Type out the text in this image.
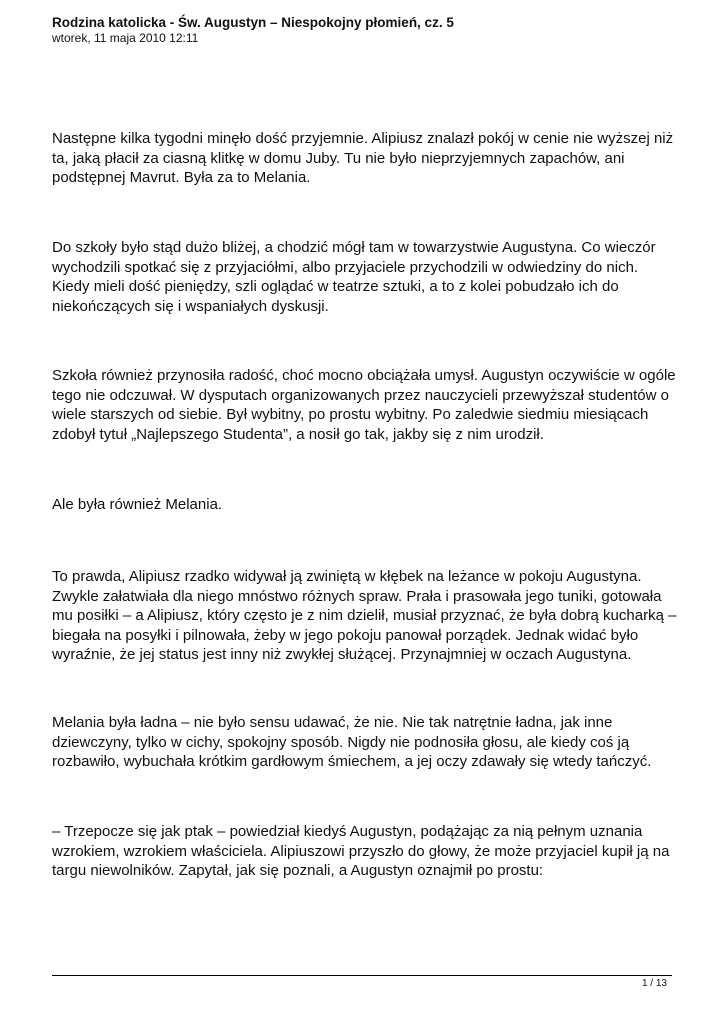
Rodzina katolicka - Św. Augustyn – Niespokojny płomień, cz. 5

wtorek, 11 maja 2010 12:11

Następne kilka tygodni minęło dość przyjemnie. Alipiusz znalazł pokój w cenie nie wyższej niż ta, jaką płacił za ciasną klitkę w domu Juby. Tu nie było nieprzyjemnych zapachów, ani podstępnej Mavrut. Była za to Melania.

Do szkoły było stąd dużo bliżej, a chodzić mógł tam w towarzystwie Augustyna. Co wieczór wychodzili spotkać się z przyjaciółmi, albo przyjaciele przychodzili w odwiedziny do nich. Kiedy mieli dość pieniędzy, szli oglądać w teatrze sztuki, a to z kolei pobudzało ich do niekończących się i wspaniałych dyskusji.

Szkoła również przynosiła radość, choć mocno obciążała umysł. Augustyn oczywiście w ogóle tego nie odczuwał. W dysputach organizowanych przez nauczycieli przewyższał studentów o wiele starszych od siebie. Był wybitny, po prostu wybitny. Po zaledwie siedmiu miesiącach zdobył tytuł „Najlepszego Studenta”, a nosił go tak, jakby się z nim urodził.

Ale była również Melania.

To prawda, Alipiusz rzadko widywał ją zwiniętą w kłębek na leżance w pokoju Augustyna. Zwykle załatwiała dla niego mnóstwo różnych spraw. Prała i prasowała jego tuniki, gotowała mu posiłki – a Alipiusz, który często je z nim dzielił, musiał przyznać, że była dobrą kucharką – biegała na posyłki i pilnowała, żeby w jego pokoju panował porządek. Jednak widać było wyraźnie, że jej status jest inny niż zwykłej służącej. Przynajmniej w oczach Augustyna.

Melania była ładna – nie było sensu udawać, że nie. Nie tak natrętnie ładna, jak inne dziewczyny, tylko w cichy, spokojny sposób. Nigdy nie podnosiła głosu, ale kiedy coś ją rozbawiło, wybuchała krótkim gardłowym śmiechem, a jej oczy zdawały się wtedy tańczyć.

– Trzepocze się jak ptak – powiedział kiedyś Augustyn, podążając za nią pełnym uznania wzrokiem, wzrokiem właściciela. Alipiuszowi przyszło do głowy, że może przyjaciel kupił ją na targu niewolników. Zapytał, jak się poznali, a Augustyn oznajmił po prostu:

1 / 13
